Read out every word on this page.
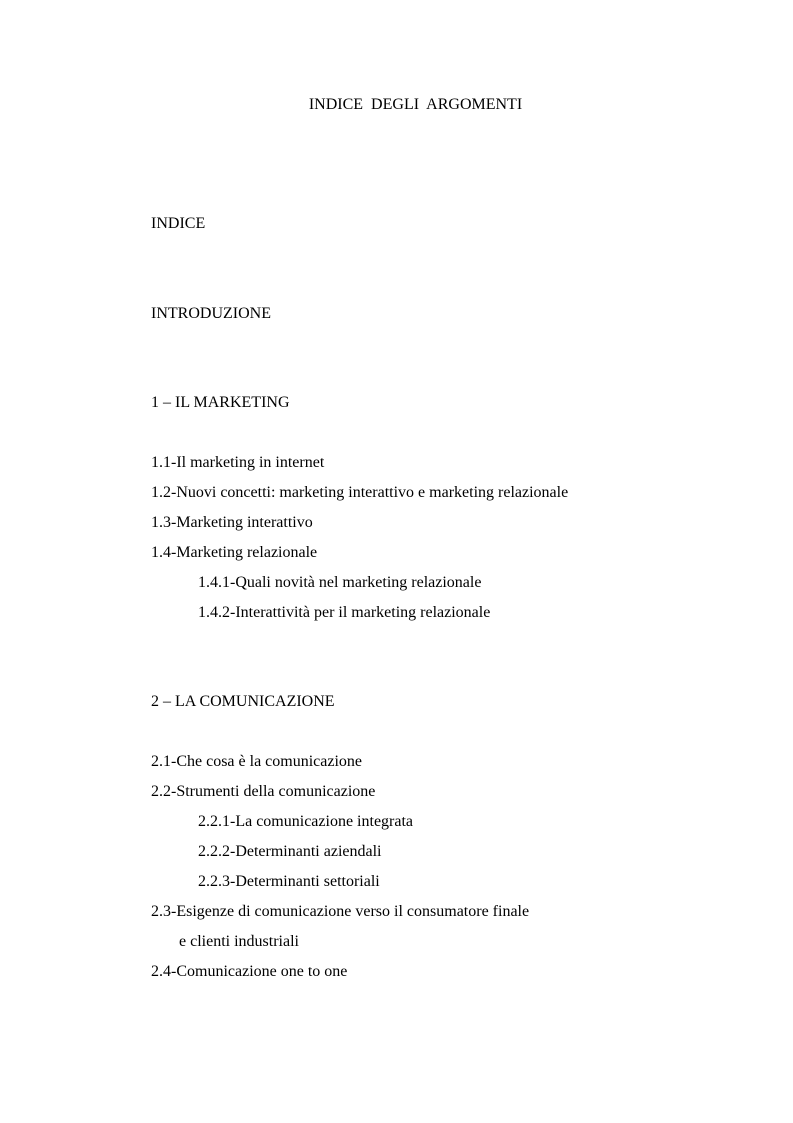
INDICE DEGLI ARGOMENTI
INDICE
INTRODUZIONE
1 – IL MARKETING
1.1-Il marketing in internet
1.2-Nuovi concetti: marketing interattivo e marketing relazionale
1.3-Marketing interattivo
1.4-Marketing relazionale
1.4.1-Quali novità nel marketing relazionale
1.4.2-Interattività per il marketing relazionale
2 – LA COMUNICAZIONE
2.1-Che cosa è la comunicazione
2.2-Strumenti della comunicazione
2.2.1-La comunicazione integrata
2.2.2-Determinanti aziendali
2.2.3-Determinanti settoriali
2.3-Esigenze di comunicazione verso il consumatore finale
e clienti industriali
2.4-Comunicazione one to one
